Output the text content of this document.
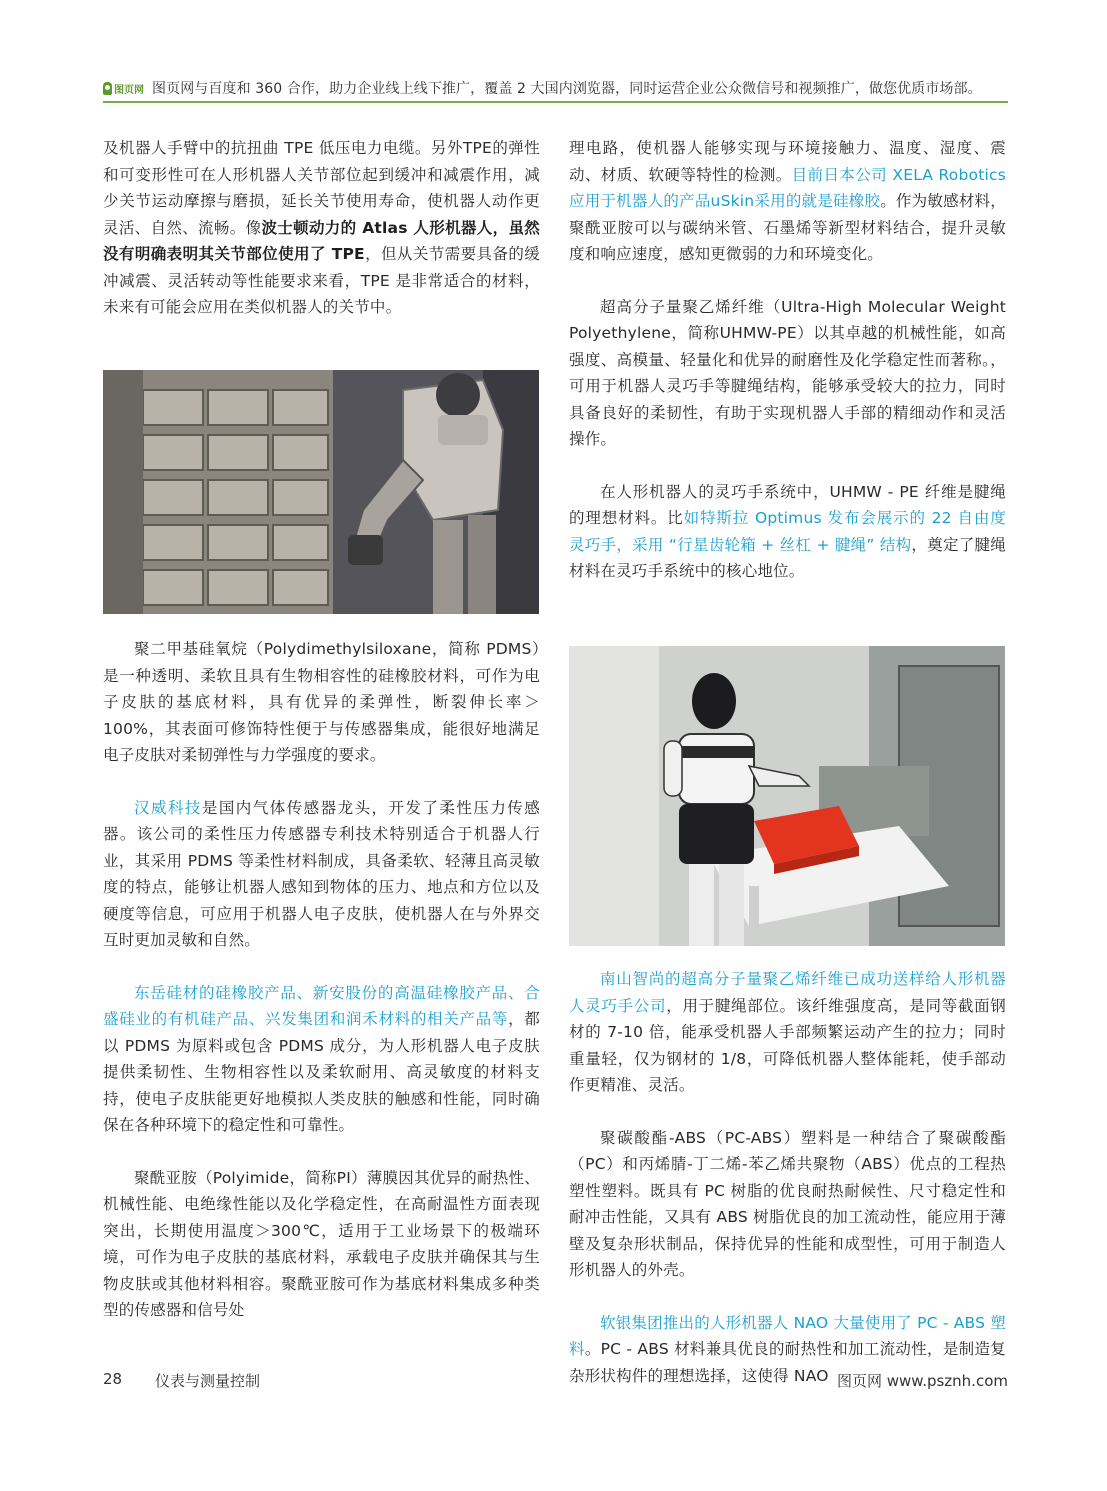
图页网 图页网与百度和 360 合作，助力企业线上线下推广，覆盖 2 大国内浏览器，同时运营企业公众微信号和视频推广，做您优质市场部。

及机器人手臂中的抗扭曲 TPE 低压电力电缆。另外TPE的弹性和可变形性可在人形机器人关节部位起到缓冲和减震作用，减少关节运动摩擦与磨损，延长关节使用寿命，使机器人动作更灵活、自然、流畅。像波士顿动力的 Atlas 人形机器人，虽然没有明确表明其关节部位使用了 TPE，但从关节需要具备的缓冲减震、灵活转动等性能要求来看，TPE 是非常适合的材料，未来有可能会应用在类似机器人的关节中。

聚二甲基硅氧烷（Polydimethylsiloxane，简称 PDMS）是一种透明、柔软且具有生物相容性的硅橡胶材料，可作为电子皮肤的基底材料，具有优异的柔弹性，断裂伸长率＞100%，其表面可修饰特性便于与传感器集成，能很好地满足电子皮肤对柔韧弹性与力学强度的要求。

汉威科技是国内气体传感器龙头，开发了柔性压力传感器。该公司的柔性压力传感器专利技术特别适合于机器人行业，其采用 PDMS 等柔性材料制成，具备柔软、轻薄且高灵敏度的特点，能够让机器人感知到物体的压力、地点和方位以及硬度等信息，可应用于机器人电子皮肤，使机器人在与外界交互时更加灵敏和自然。

东岳硅材的硅橡胶产品、新安股份的高温硅橡胶产品、合盛硅业的有机硅产品、兴发集团和润禾材料的相关产品等，都以 PDMS 为原料或包含 PDMS 成分，为人形机器人电子皮肤提供柔韧性、生物相容性以及柔软耐用、高灵敏度的材料支持，使电子皮肤能更好地模拟人类皮肤的触感和性能，同时确保在各种环境下的稳定性和可靠性。

聚酰亚胺（Polyimide，简称PI）薄膜因其优异的耐热性、机械性能、电绝缘性能以及化学稳定性，在高耐温性方面表现突出，长期使用温度＞300℃，适用于工业场景下的极端环境，可作为电子皮肤的基底材料，承载电子皮肤并确保其与生物皮肤或其他材料相容。聚酰亚胺可作为基底材料集成多种类型的传感器和信号处

理电路，使机器人能够实现与环境接触力、温度、湿度、震动、材质、软硬等特性的检测。目前日本公司 XELA Robotics应用于机器人的产品uSkin采用的就是硅橡胶。作为敏感材料，聚酰亚胺可以与碳纳米管、石墨烯等新型材料结合，提升灵敏度和响应速度，感知更微弱的力和环境变化。

超高分子量聚乙烯纤维（Ultra-High Molecular Weight Polyethylene，简称UHMW-PE）以其卓越的机械性能，如高强度、高模量、轻量化和优异的耐磨性及化学稳定性而著称。，可用于机器人灵巧手等腱绳结构，能够承受较大的拉力，同时具备良好的柔韧性，有助于实现机器人手部的精细动作和灵活操作。

在人形机器人的灵巧手系统中，UHMW - PE 纤维是腱绳的理想材料。比如特斯拉 Optimus 发布会展示的 22 自由度灵巧手，采用 “行星齿轮箱 + 丝杠 + 腱绳” 结构，奠定了腱绳材料在灵巧手系统中的核心地位。

南山智尚的超高分子量聚乙烯纤维已成功送样给人形机器人灵巧手公司，用于腱绳部位。该纤维强度高，是同等截面钢材的 7-10 倍，能承受机器人手部频繁运动产生的拉力；同时重量轻，仅为钢材的 1/8，可降低机器人整体能耗，使手部动作更精准、灵活。

聚碳酸酯-ABS（PC-ABS）塑料是一种结合了聚碳酸酯（PC）和丙烯腈-丁二烯-苯乙烯共聚物（ABS）优点的工程热塑性塑料。既具有 PC 树脂的优良耐热耐候性、尺寸稳定性和耐冲击性能，又具有 ABS 树脂优良的加工流动性，能应用于薄壁及复杂形状制品，保持优异的性能和成型性，可用于制造人形机器人的外壳。

软银集团推出的人形机器人 NAO 大量使用了 PC - ABS 塑料。PC - ABS 材料兼具优良的耐热性和加工流动性，是制造复杂形状构件的理想选择，这使得 NAO

28 仪表与测量控制	图页网 www.psznh.com
